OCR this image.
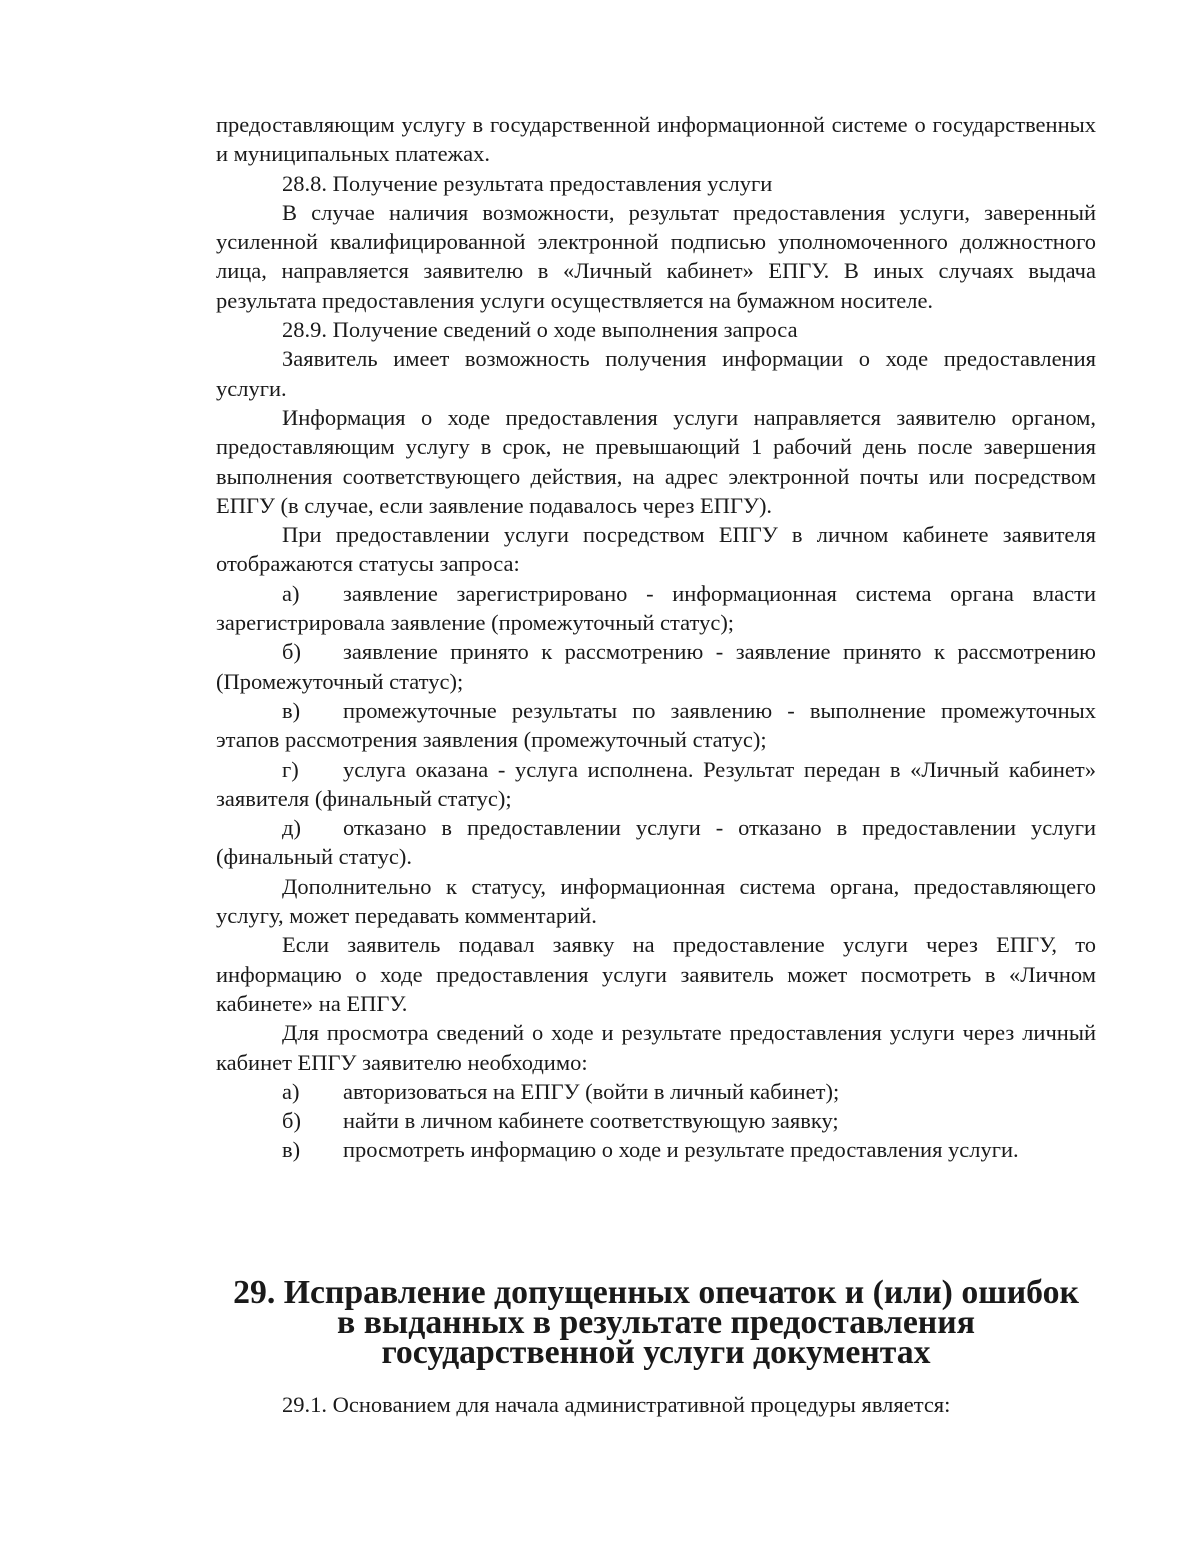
предоставляющим услугу в государственной информационной системе о государственных и муниципальных платежах.

28.8. Получение результата предоставления услуги

В случае наличия возможности, результат предоставления услуги, заверенный усиленной квалифицированной электронной подписью уполномоченного должностного лица, направляется заявителю в «Личный кабинет» ЕПГУ. В иных случаях выдача результата предоставления услуги осуществляется на бумажном носителе.

28.9. Получение сведений о ходе выполнения запроса

Заявитель имеет возможность получения информации о ходе предоставления услуги.

Информация о ходе предоставления услуги направляется заявителю органом, предоставляющим услугу в срок, не превышающий 1 рабочий день после завершения выполнения соответствующего действия, на адрес электронной почты или посредством ЕПГУ (в случае, если заявление подавалось через ЕПГУ).

При предоставлении услуги посредством ЕПГУ в личном кабинете заявителя отображаются статусы запроса:

а) заявление зарегистрировано - информационная система органа власти зарегистрировала заявление (промежуточный статус);

б) заявление принято к рассмотрению - заявление принято к рассмотрению (Промежуточный статус);

в) промежуточные результаты по заявлению - выполнение промежуточных этапов рассмотрения заявления (промежуточный статус);

г) услуга оказана - услуга исполнена. Результат передан в «Личный кабинет» заявителя (финальный статус);

д) отказано в предоставлении услуги - отказано в предоставлении услуги (финальный статус).

Дополнительно к статусу, информационная система органа, предоставляющего услугу, может передавать комментарий.

Если заявитель подавал заявку на предоставление услуги через ЕПГУ, то информацию о ходе предоставления услуги заявитель может посмотреть в «Личном кабинете» на ЕПГУ.

Для просмотра сведений о ходе и результате предоставления услуги через личный кабинет ЕПГУ заявителю необходимо:

а) авторизоваться на ЕПГУ (войти в личный кабинет);

б) найти в личном кабинете соответствующую заявку;

в) просмотреть информацию о ходе и результате предоставления услуги.

29. Исправление допущенных опечаток и (или) ошибок
в выданных в результате предоставления
государственной услуги документах

29.1. Основанием для начала административной процедуры является:
